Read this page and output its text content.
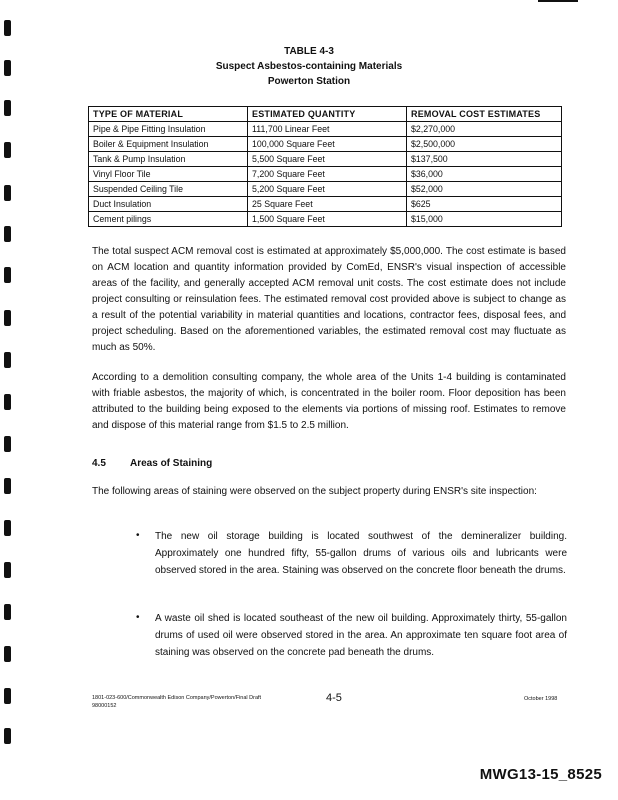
TABLE 4-3
Suspect Asbestos-containing Materials
Powerton Station
TYPE OF MATERIAL	ESTIMATED QUANTITY	REMOVAL COST ESTIMATES
Pipe & Pipe Fitting Insulation	111,700 Linear Feet	$2,270,000
Boiler & Equipment Insulation	100,000 Square Feet	$2,500,000
Tank & Pump Insulation	5,500 Square Feet	$137,500
Vinyl Floor Tile	7,200 Square Feet	$36,000
Suspended Ceiling Tile	5,200 Square Feet	$52,000
Duct Insulation	25 Square Feet	$625
Cement pilings	1,500 Square Feet	$15,000

The total suspect ACM removal cost is estimated at approximately $5,000,000. The cost estimate is based on ACM location and quantity information provided by ComEd, ENSR's visual inspection of accessible areas of the facility, and generally accepted ACM removal unit costs. The cost estimate does not include project consulting or reinsulation fees. The estimated removal cost provided above is subject to change as a result of the potential variability in material quantities and locations, contractor fees, disposal fees, and project scheduling. Based on the aforementioned variables, the estimated removal cost may fluctuate as much as 50%.

According to a demolition consulting company, the whole area of the Units 1-4 building is contaminated with friable asbestos, the majority of which, is concentrated in the boiler room. Floor deposition has been attributed to the building being exposed to the elements via portions of missing roof. Estimates to remove and dispose of this material range from $1.5 to 2.5 million.

4.5 Areas of Staining

The following areas of staining were observed on the subject property during ENSR's site inspection:

• The new oil storage building is located southwest of the demineralizer building. Approximately one hundred fifty, 55-gallon drums of various oils and lubricants were observed stored in the area. Staining was observed on the concrete floor beneath the drums.

• A waste oil shed is located southeast of the new oil building. Approximately thirty, 55-gallon drums of used oil were observed stored in the area. An approximate ten square foot area of staining was observed on the concrete pad beneath the drums.

1801-023-600/Commonwealth Edison Company/Powerton/Final Draft
98000152
4-5	October 1998
MWG13-15_8525
